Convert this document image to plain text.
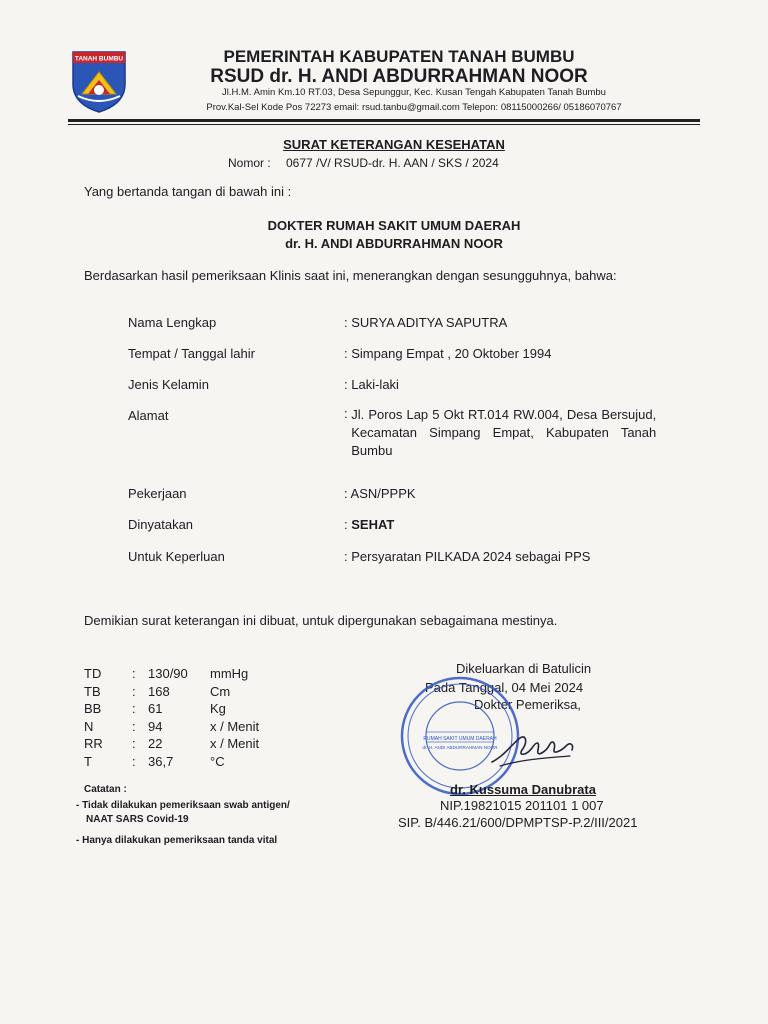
TANAH BUMBU	PEMERINTAH KABUPATEN TANAH BUMBU
RSUD dr. H. ANDI ABDURRAHMAN NOOR
Jl.H.M. Amin Km.10 RT.03, Desa Sepunggur, Kec. Kusan Tengah Kabupaten Tanah Bumbu
Prov.Kal-Sel Kode Pos 72273 email: rsud.tanbu@gmail.com Telepon: 08115000266/ 05186070767
SURAT KETERANGAN KESEHATAN
Nomor : 0677 /V/ RSUD-dr. H. AAN / SKS / 2024
Yang bertanda tangan di bawah ini :
DOKTER RUMAH SAKIT UMUM DAERAH
dr. H. ANDI ABDURRAHMAN NOOR
Berdasarkan hasil pemeriksaan Klinis saat ini, menerangkan dengan sesungguhnya, bahwa:
Nama Lengkap	: SURYA ADITYA SAPUTRA
Tempat / Tanggal lahir	: Simpang Empat , 20 Oktober 1994
Jenis Kelamin	: Laki-laki
Alamat	: Jl. Poros Lap 5 Okt RT.014 RW.004, Desa Bersujud, Kecamatan Simpang Empat, Kabupaten Tanah Bumbu
Pekerjaan	: ASN/PPPK
Dinyatakan	: SEHAT
Untuk Keperluan	: Persyaratan PILKADA 2024 sebagai PPS
Demikian surat keterangan ini dibuat, untuk dipergunakan sebagaimana mestinya.
TD	:	130/90	mmHg
TB	:	168	Cm
BB	:	61	Kg
N	:	94	x / Menit
RR	:	22	x / Menit
T	:	36,7	°C
Catatan :
- Tidak dilakukan pemeriksaan swab antigen/
NAAT SARS Covid-19
- Hanya dilakukan pemeriksaan tanda vital
Dikeluarkan di Batulicin
Pada Tanggal, 04 Mei 2024
Dokter Pemeriksa,
RUMAH SAKIT UMUM DAERAH
dr. H. ANDI ABDURRAHMAN NOOR
dr. Kussuma Danubrata
NIP.19821015 201101 1 007
SIP. B/446.21/600/DPMPTSP-P.2/III/2021
